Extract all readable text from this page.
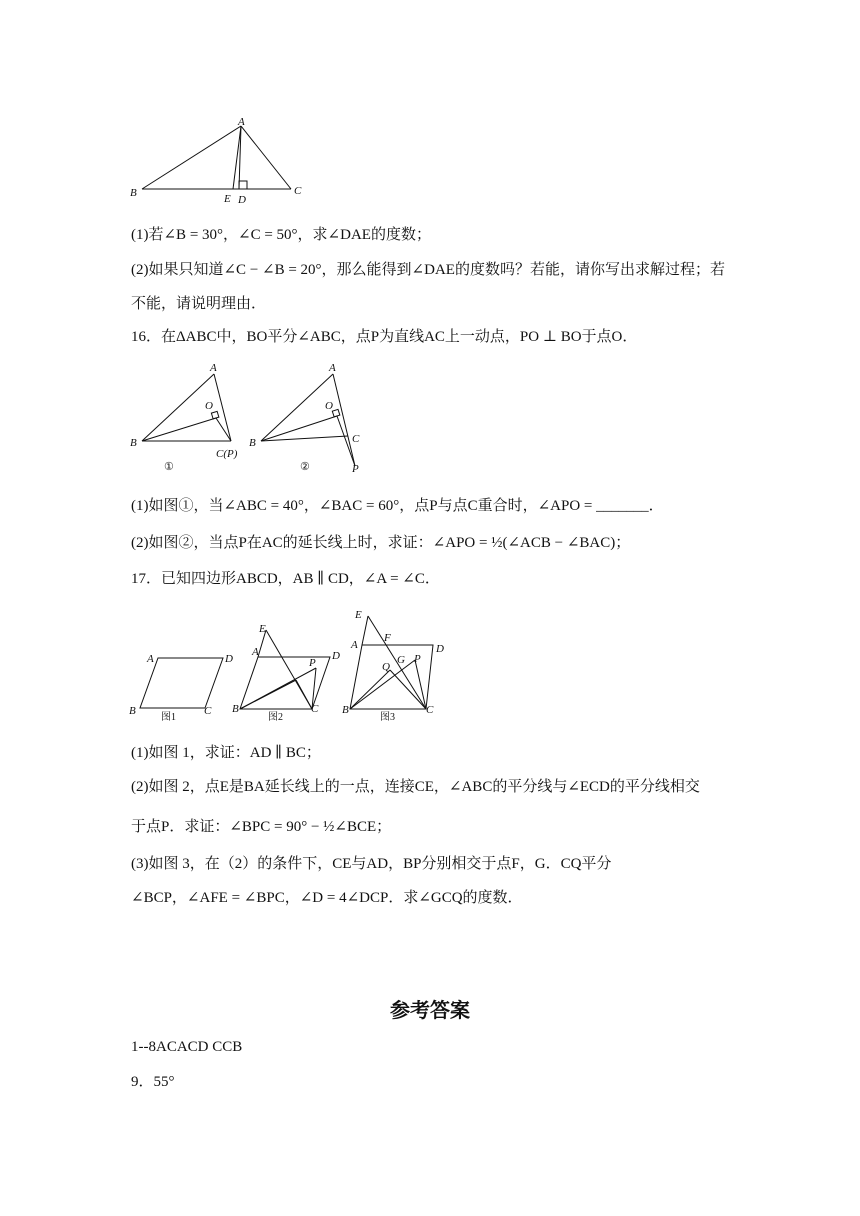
A
B	C
E D
(1)若∠B = 30°，∠C = 50°，求∠DAE的度数；
(2)如果只知道∠C − ∠B = 20°，那么能得到∠DAE的度数吗？若能，请你写出求解过程；若
不能，请说明理由．
16．在ΔABC中，BO平分∠ABC，点P为直线AC上一动点，PO ⊥ BO于点O．
A
O
B
C(P)
①
A
O
B	C
P
②
(1)如图①，当∠ABC = 40°，∠BAC = 60°，点P与点C重合时，∠APO = _______．
(2)如图②，当点P在AC的延长线上时，求证：∠APO = ½(∠ACB − ∠BAC)；
17．已知四边形ABCD，AB ∥ CD，∠A = ∠C．
A	D
B	C
图1
E
A	D
P
B	C
图2
E
A
F
D
Q
G P
B	C
图3
(1)如图 1，求证：AD ∥ BC；
(2)如图 2，点E是BA延长线上的一点，连接CE，∠ABC的平分线与∠ECD的平分线相交
于点P．求证：∠BPC = 90° − ½∠BCE；
(3)如图 3，在（2）的条件下，CE与AD，BP分别相交于点F，G．CQ平分
∠BCP，∠AFE = ∠BPC，∠D = 4∠DCP．求∠GCQ的度数．
参考答案
1--8ACACD CCB
9．55°
